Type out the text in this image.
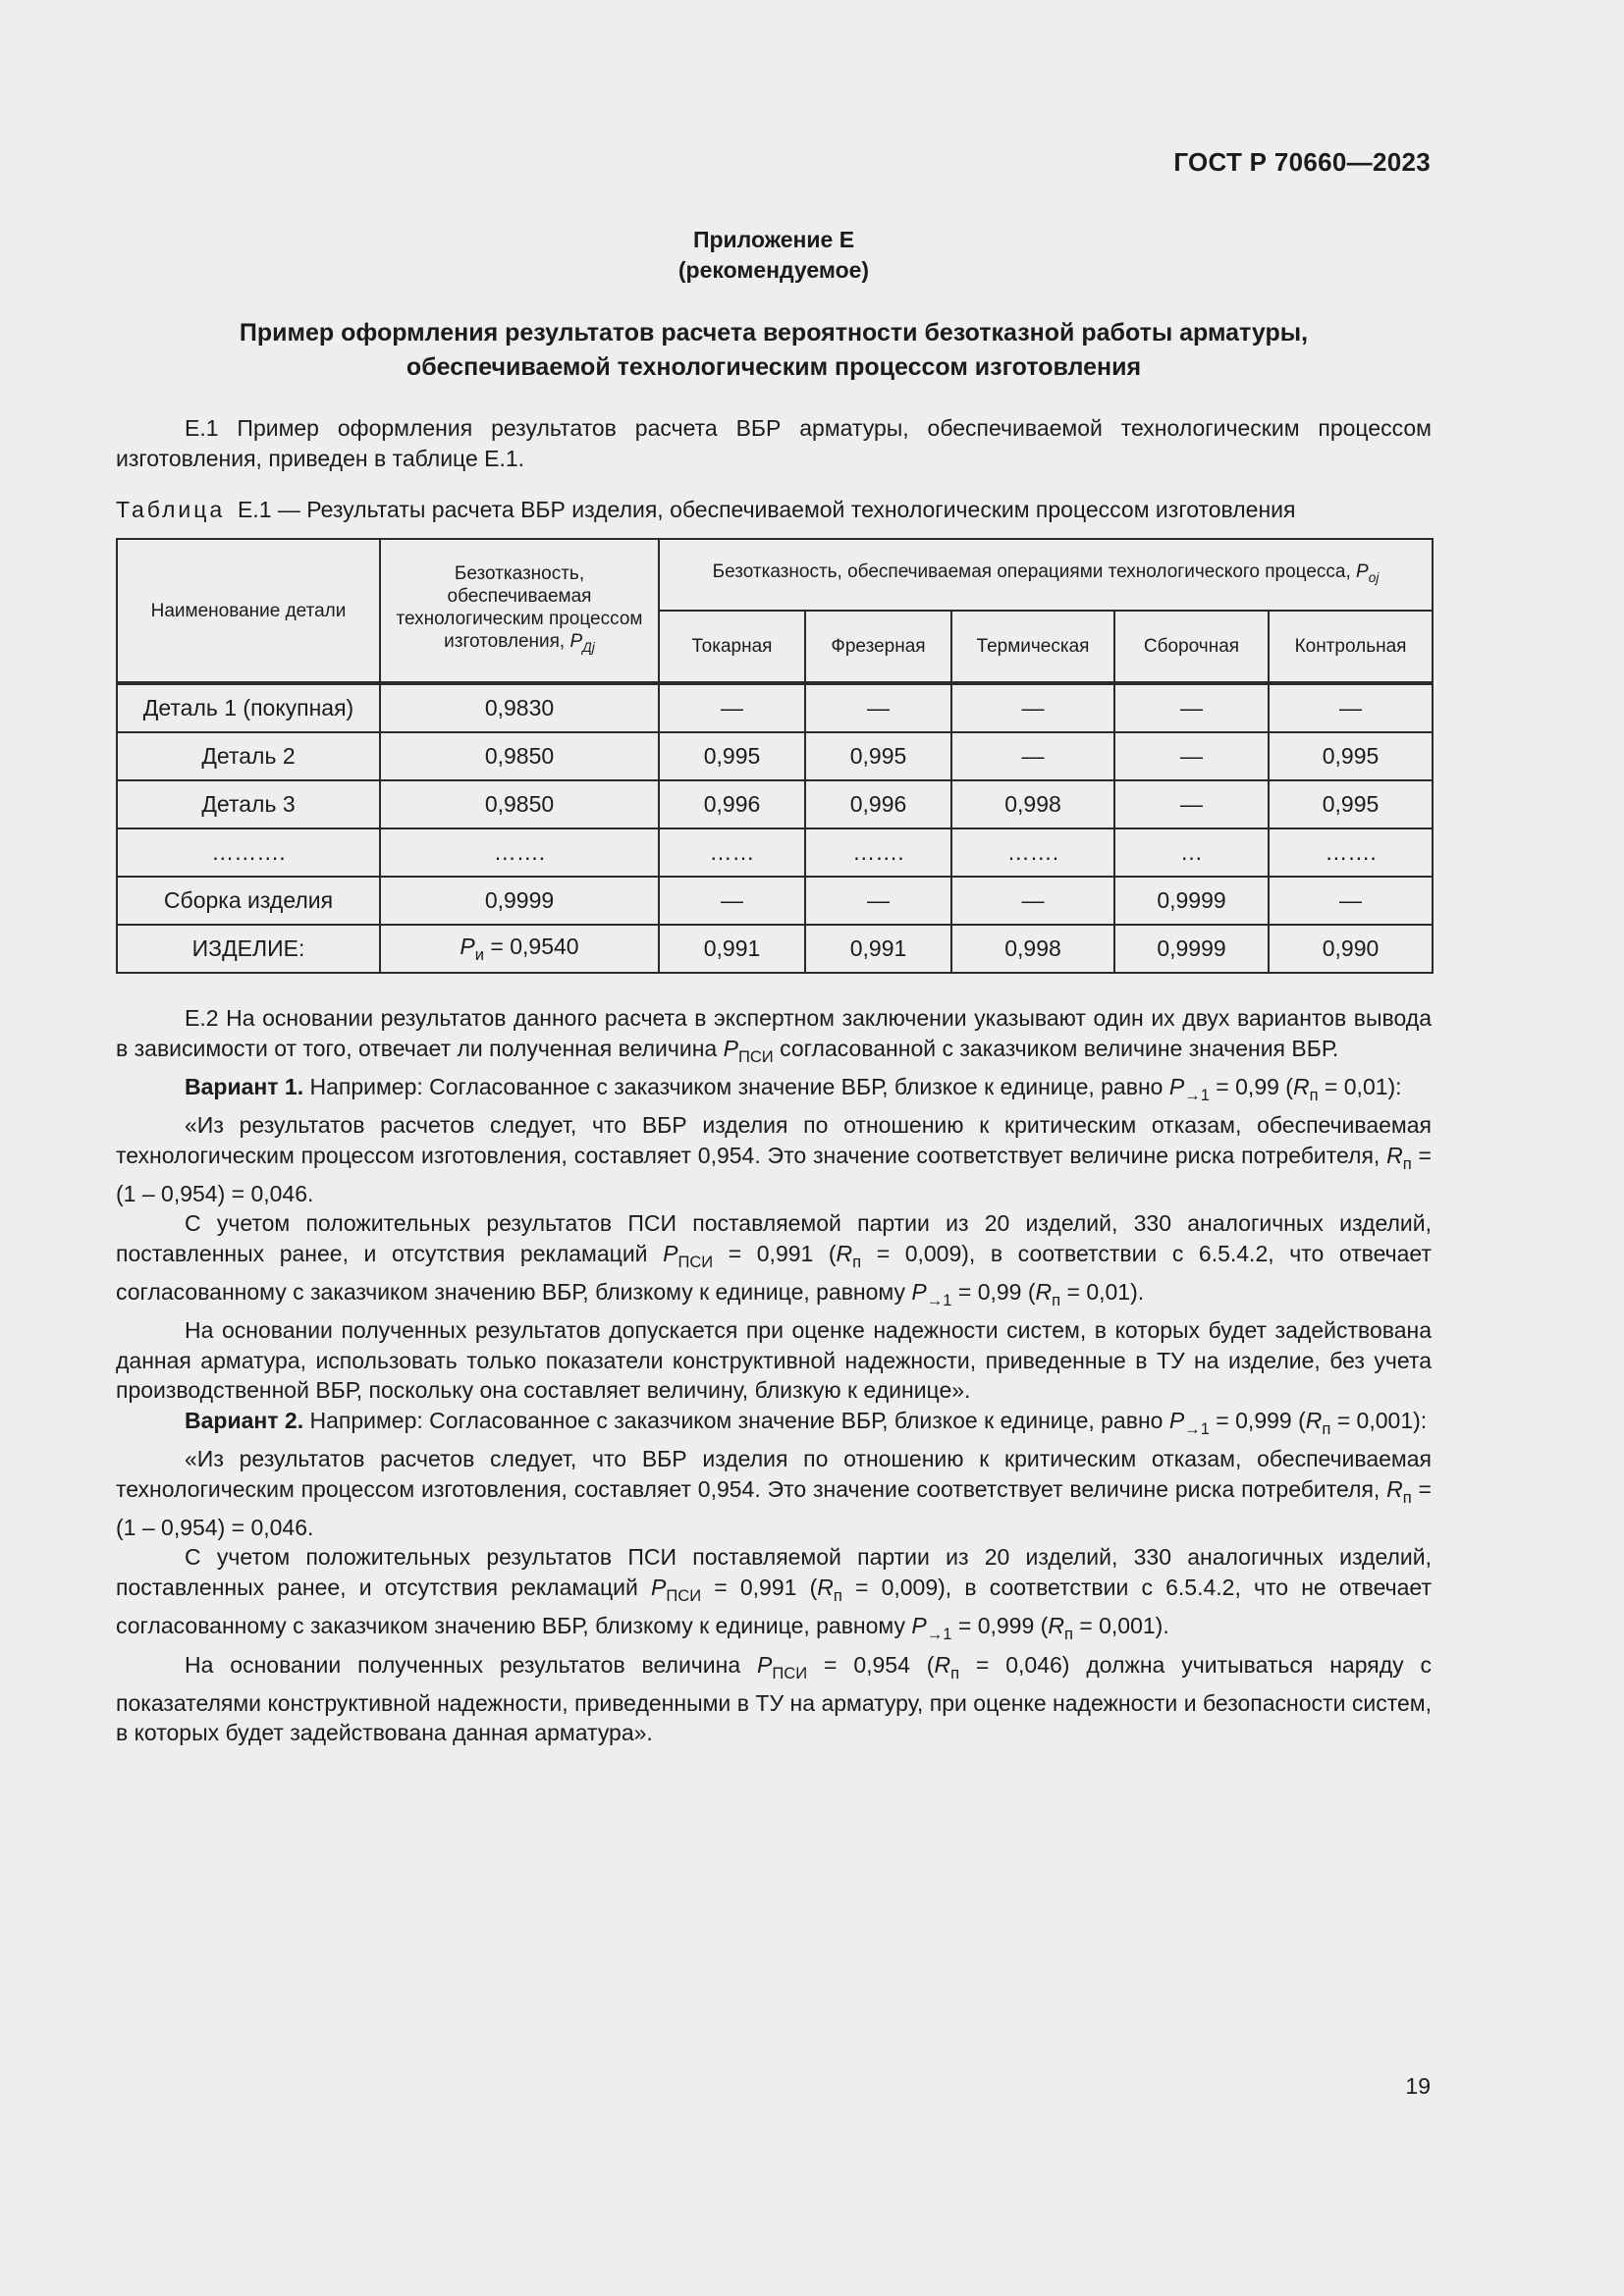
ГОСТ Р 70660—2023
Приложение Е
(рекомендуемое)
Пример оформления результатов расчета вероятности безотказной работы арматуры,
обеспечиваемой технологическим процессом изготовления
Е.1 Пример оформления результатов расчета ВБР арматуры, обеспечиваемой технологическим процессом изготовления, приведен в таблице Е.1.
Таблица Е.1 — Результаты расчета ВБР изделия, обеспечиваемой технологическим процессом изготовления
Наименование детали	Безотказность, обеспечиваемая технологическим процессом изготовления, $P_{Дj}$	Безотказность, обеспечиваемая операциями технологического процесса, $P_{оj}$
		Токарная	Фрезерная	Термическая	Сборочная	Контрольная
Деталь 1 (покупная)	0,9830	—	—	—	—	—
Деталь 2	0,9850	0,995	0,995	—	—	0,995
Деталь 3	0,9850	0,996	0,996	0,998	—	0,995
……….	…….	……	…….	…….	…	…….
Сборка изделия	0,9999	—	—	—	0,9999	—
ИЗДЕЛИЕ:	$P_и = 0,9540$	0,991	0,991	0,998	0,9999	0,990
Е.2 На основании результатов данного расчета в экспертном заключении указывают один их двух вариантов вывода в зависимости от того, отвечает ли полученная величина $P_{ПСИ}$ согласованной с заказчиком величине значения ВБР.
Вариант 1. Например: Согласованное с заказчиком значение ВБР, близкое к единице, равно $P_{\to 1} = 0,99$ $(R_п = 0,01)$:
«Из результатов расчетов следует, что ВБР изделия по отношению к критическим отказам, обеспечиваемая технологическим процессом изготовления, составляет 0,954. Это значение соответствует величине риска потребителя, $R_п = (1 - 0,954) = 0,046$.
С учетом положительных результатов ПСИ поставляемой партии из 20 изделий, 330 аналогичных изделий, поставленных ранее, и отсутствия рекламаций $P_{ПСИ} = 0,991$ $(R_п = 0,009)$, в соответствии с 6.5.4.2, что отвечает согласованному с заказчиком значению ВБР, близкому к единице, равному $P_{\to 1} = 0,99$ $(R_п = 0,01)$.
На основании полученных результатов допускается при оценке надежности систем, в которых будет задействована данная арматура, использовать только показатели конструктивной надежности, приведенные в ТУ на изделие, без учета производственной ВБР, поскольку она составляет величину, близкую к единице».
Вариант 2. Например: Согласованное с заказчиком значение ВБР, близкое к единице, равно $P_{\to 1} = 0,999$ $(R_п = 0,001)$:
«Из результатов расчетов следует, что ВБР изделия по отношению к критическим отказам, обеспечиваемая технологическим процессом изготовления, составляет 0,954. Это значение соответствует величине риска потребителя, $R_п = (1 - 0,954) = 0,046$.
С учетом положительных результатов ПСИ поставляемой партии из 20 изделий, 330 аналогичных изделий, поставленных ранее, и отсутствия рекламаций $P_{ПСИ} = 0,991$ $(R_п = 0,009)$, в соответствии с 6.5.4.2, что не отвечает согласованному с заказчиком значению ВБР, близкому к единице, равному $P_{\to 1} = 0,999$ $(R_п = 0,001)$.
На основании полученных результатов величина $P_{ПСИ} = 0,954$ $(R_п = 0,046)$ должна учитываться наряду с показателями конструктивной надежности, приведенными в ТУ на арматуру, при оценке надежности и безопасности систем, в которых будет задействована данная арматура».
19
